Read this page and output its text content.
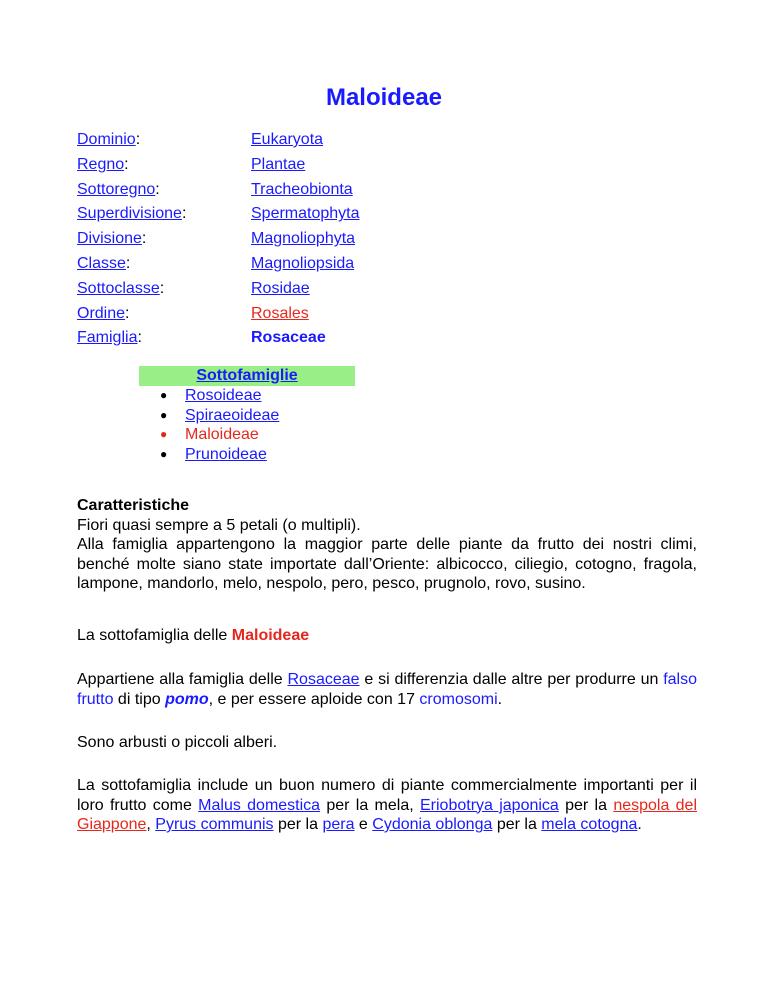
Maloideae
Dominio:	Eukaryota
Regno:	Plantae
Sottoregno:	Tracheobionta
Superdivisione:	Spermatophyta
Divisione:	Magnoliophyta
Classe:	Magnoliopsida
Sottoclasse:	Rosidae
Ordine:	Rosales
Famiglia:	Rosaceae
Sottofamiglie
● Rosoideae
● Spiraeoideae
● Maloideae
● Prunoideae
Caratteristiche
Fiori quasi sempre a 5 petali (o multipli).
Alla famiglia appartengono la maggior parte delle piante da frutto dei nostri climi, benché molte siano state importate dall’Oriente: albicocco, ciliegio, cotogno, fragola, lampone, mandorlo, melo, nespolo, pero, pesco, prugnolo, rovo, susino.
La sottofamiglia delle Maloideae
Appartiene alla famiglia delle Rosaceae e si differenzia dalle altre per produrre un falso frutto di tipo pomo, e per essere aploide con 17 cromosomi.
Sono arbusti o piccoli alberi.
La sottofamiglia include un buon numero di piante commercialmente importanti per il loro frutto come Malus domestica per la mela, Eriobotrya japonica per la nespola del Giappone, Pyrus communis per la pera e Cydonia oblonga per la mela cotogna.
